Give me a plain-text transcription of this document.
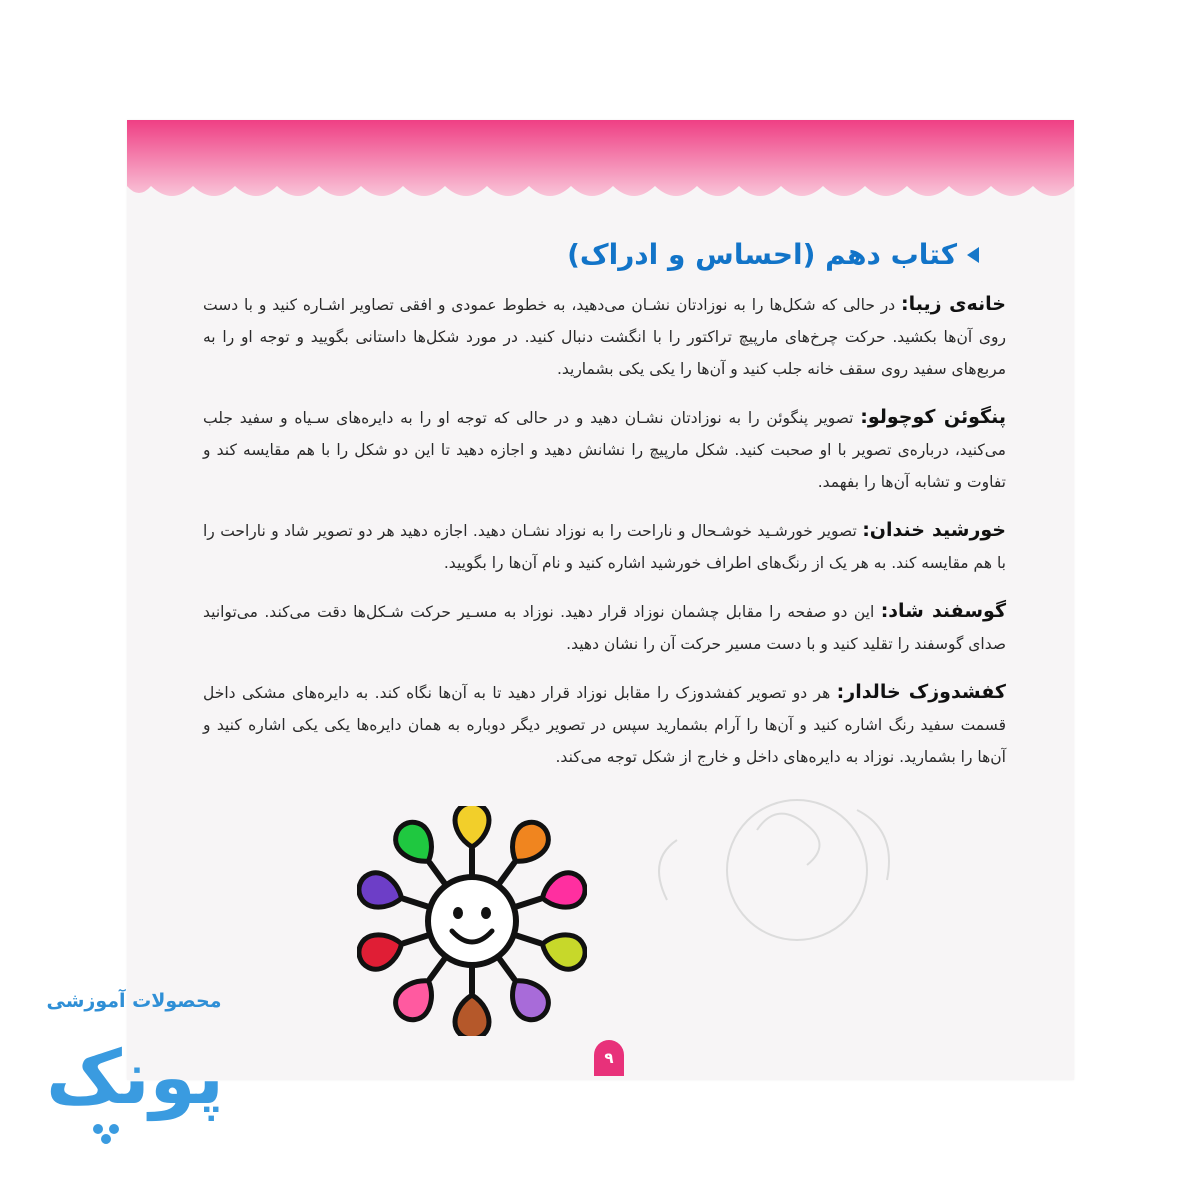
کتاب دهم (احساس و ادراک)

خانه‌ی زیبا: در حالی که شکل‌ها را به نوزادتان نشـان می‌دهید، به خطوط عمودی و افقی تصاویر اشـاره کنید و با دست روی آن‌ها بکشید. حرکت چرخ‌های مارپیچ تراکتور را با انگشت دنبال کنید. در مورد شکل‌ها داستانی بگویید و توجه او را به مربع‌های سفید روی سقف خانه جلب کنید و آن‌ها را یکی یکی بشمارید.

پنگوئن کوچولو: تصویر پنگوئن را به نوزادتان نشـان دهید و در حالی که توجه او را به دایره‌های سـیاه و سفید جلب می‌کنید، درباره‌ی تصویر با او صحبت کنید. شکل مارپیچ را نشانش دهید و اجازه دهید تا این دو شکل را با هم مقایسه کند و تفاوت و تشابه آن‌ها را بفهمد.

خورشید خندان: تصویر خورشـید خوشـحال و ناراحت را به نوزاد نشـان دهید. اجازه دهید هر دو تصویر شاد و ناراحت را با هم مقایسه کند. به هر یک از رنگ‌های اطراف خورشید اشاره کنید و نام آن‌ها را بگویید.

گوسفند شاد: این دو صفحه را مقابل چشمان نوزاد قرار دهید. نوزاد به مسـیر حرکت شـکل‌ها دقت می‌کند. می‌توانید صدای گوسفند را تقلید کنید و با دست مسیر حرکت آن را نشان دهید.

کفشدوزک خالدار: هر دو تصویر کفشدوزک را مقابل نوزاد قرار دهید تا به آن‌ها نگاه کند. به دایره‌های مشکی داخل قسمت سفید رنگ اشاره کنید و آن‌ها را آرام بشمارید سپس در تصویر دیگر دوباره به همان دایره‌ها یکی یکی اشاره کنید و آن‌ها را بشمارید. نوزاد به دایره‌های داخل و خارج از شکل توجه می‌کند.

۹
محصولات آموزشی
پونک
